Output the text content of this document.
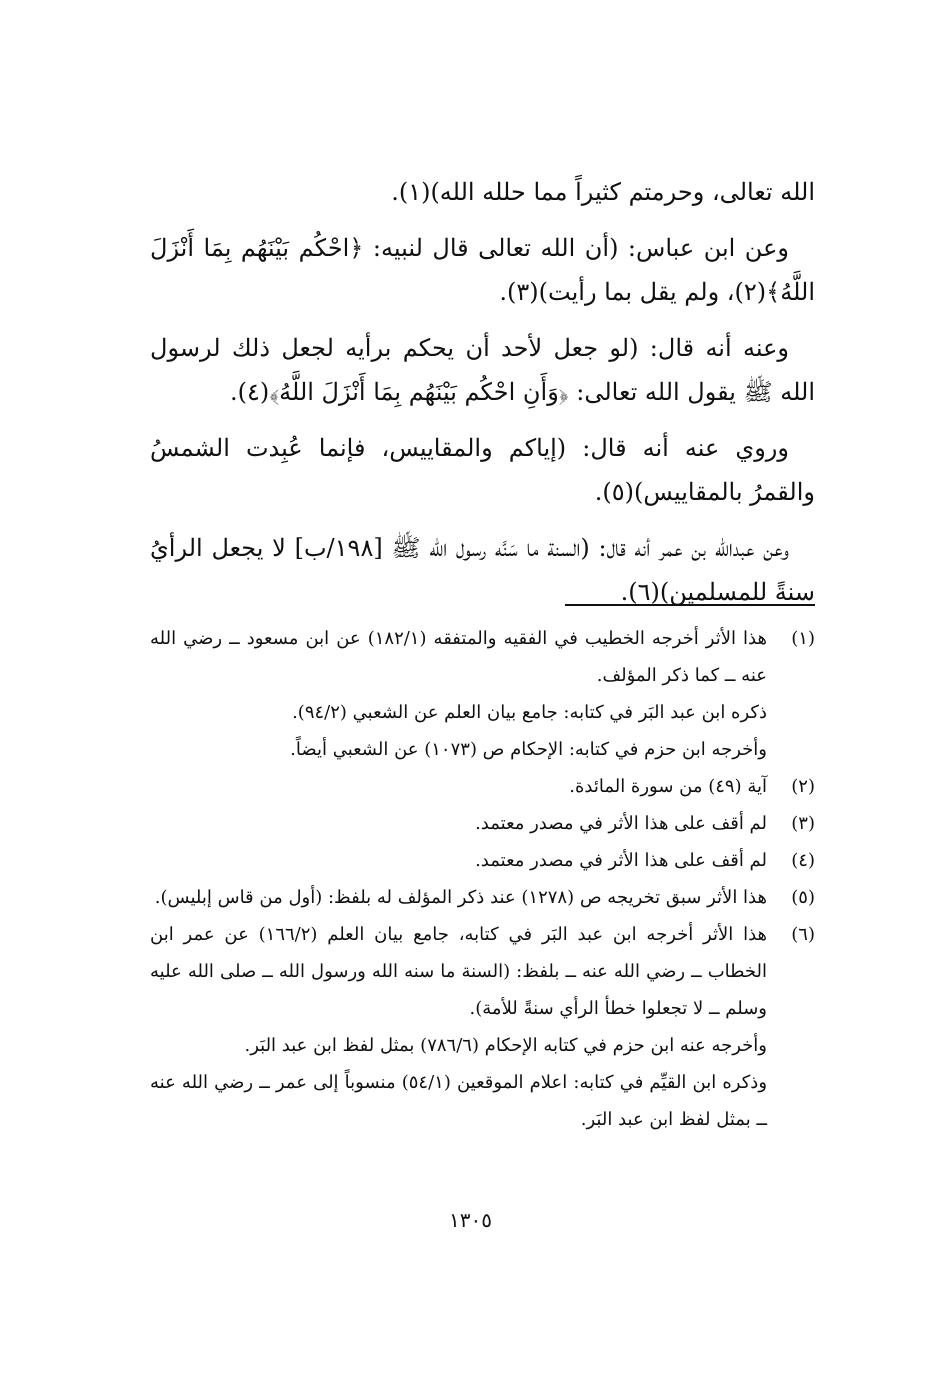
الله تعالى، وحرمتم كثيراً مما حلله الله)(١).

وعن ابن عباس: (أن الله تعالى قال لنبيه: ﴿احْكُم بَيْنَهُم بِمَا أَنْزَلَ اللَّهُ﴾(٢)، ولم يقل بما رأيت)(٣).

وعنه أنه قال: (لو جعل لأحد أن يحكم برأيه لجعل ذلك لرسول الله ﷺ يقول الله تعالى: ﴿وَأَنِ احْكُم بَيْنَهُم بِمَا أَنْزَلَ اللَّهُ﴾(٤).

وروي عنه أنه قال: (إياكم والمقاييس، فإنما عُبِدت الشمسُ والقمرُ بالمقاييس)(٥).

وعن عبدالله بن عمر أنه قال: (السنة ما سَنَّه رسول الله ﷺ [١٩٨/ب] لا يجعل الرأيُ سنةً للمسلمين)(٦).

(١)
هذا الأثر أخرجه الخطيب في الفقيه والمتفقه (١٨٢/١) عن ابن مسعود ــ رضي الله عنه ــ كما ذكر المؤلف.
ذكره ابن عبد البَر في كتابه: جامع بيان العلم عن الشعبي (٩٤/٢).
وأخرجه ابن حزم في كتابه: الإحكام ص (١٠٧٣) عن الشعبي أيضاً.
(٢)
آية (٤٩) من سورة المائدة.
(٣)
لم أقف على هذا الأثر في مصدر معتمد.
(٤)
لم أقف على هذا الأثر في مصدر معتمد.
(٥)
هذا الأثر سبق تخريجه ص (١٢٧٨) عند ذكر المؤلف له بلفظ: (أول من قاس إبليس).
(٦)
هذا الأثر أخرجه ابن عبد البَر في كتابه، جامع بيان العلم (١٦٦/٢) عن عمر ابن الخطاب ــ رضي الله عنه ــ بلفظ: (السنة ما سنه الله ورسول الله ــ صلى الله عليه وسلم ــ لا تجعلوا خطأ الرأي سنةً للأمة).
وأخرجه عنه ابن حزم في كتابه الإحكام (٧٨٦/٦) بمثل لفظ ابن عبد البَر.
وذكره ابن القيِّم في كتابه: اعلام الموقعين (٥٤/١) منسوباً إلى عمر ــ رضي الله عنه ــ بمثل لفظ ابن عبد البَر.
١٣٠٥
